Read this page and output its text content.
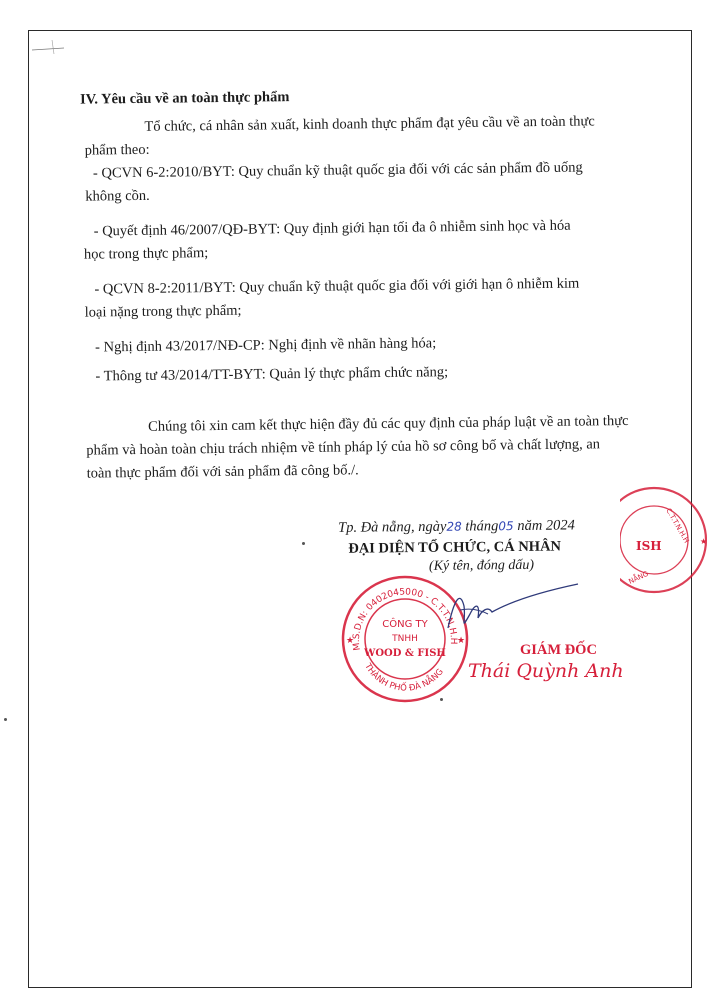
IV. Yêu cầu về an toàn thực phẩm

Tổ chức, cá nhân sản xuất, kinh doanh thực phẩm đạt yêu cầu về an toàn thực

phẩm theo:

- QCVN 6-2:2010/BYT: Quy chuẩn kỹ thuật quốc gia đối với các sản phẩm đồ uống

không cồn.

- Quyết định 46/2007/QĐ-BYT: Quy định giới hạn tối đa ô nhiễm sinh học và hóa

học trong thực phẩm;

- QCVN 8-2:2011/BYT: Quy chuẩn kỹ thuật quốc gia đối với giới hạn ô nhiễm kim

loại nặng trong thực phẩm;

- Nghị định 43/2017/NĐ-CP: Nghị định về nhãn hàng hóa;

- Thông tư 43/2014/TT-BYT: Quản lý thực phẩm chức năng;

Chúng tôi xin cam kết thực hiện đầy đủ các quy định của pháp luật về an toàn thực

phẩm và hoàn toàn chịu trách nhiệm về tính pháp lý của hồ sơ công bố và chất lượng, an

toàn thực phẩm đối với sản phẩm đã công bố./.

Tp. Đà nẵng, ngày28 tháng05 năm 2024
ĐẠI DIỆN TỔ CHỨC, CÁ NHÂN
(Ký tên, đóng dấu)
M.S.D.N: 0402045000 - C.T.T.N.H.H
THÀNH PHỐ ĐÀ NẴNG
CÔNG TY
TNHH
WOOD & FISH
★	★
ISH
C.T.T.N.H.H
NẴNG
★
GIÁM ĐỐC
Thái Quỳnh Anh
